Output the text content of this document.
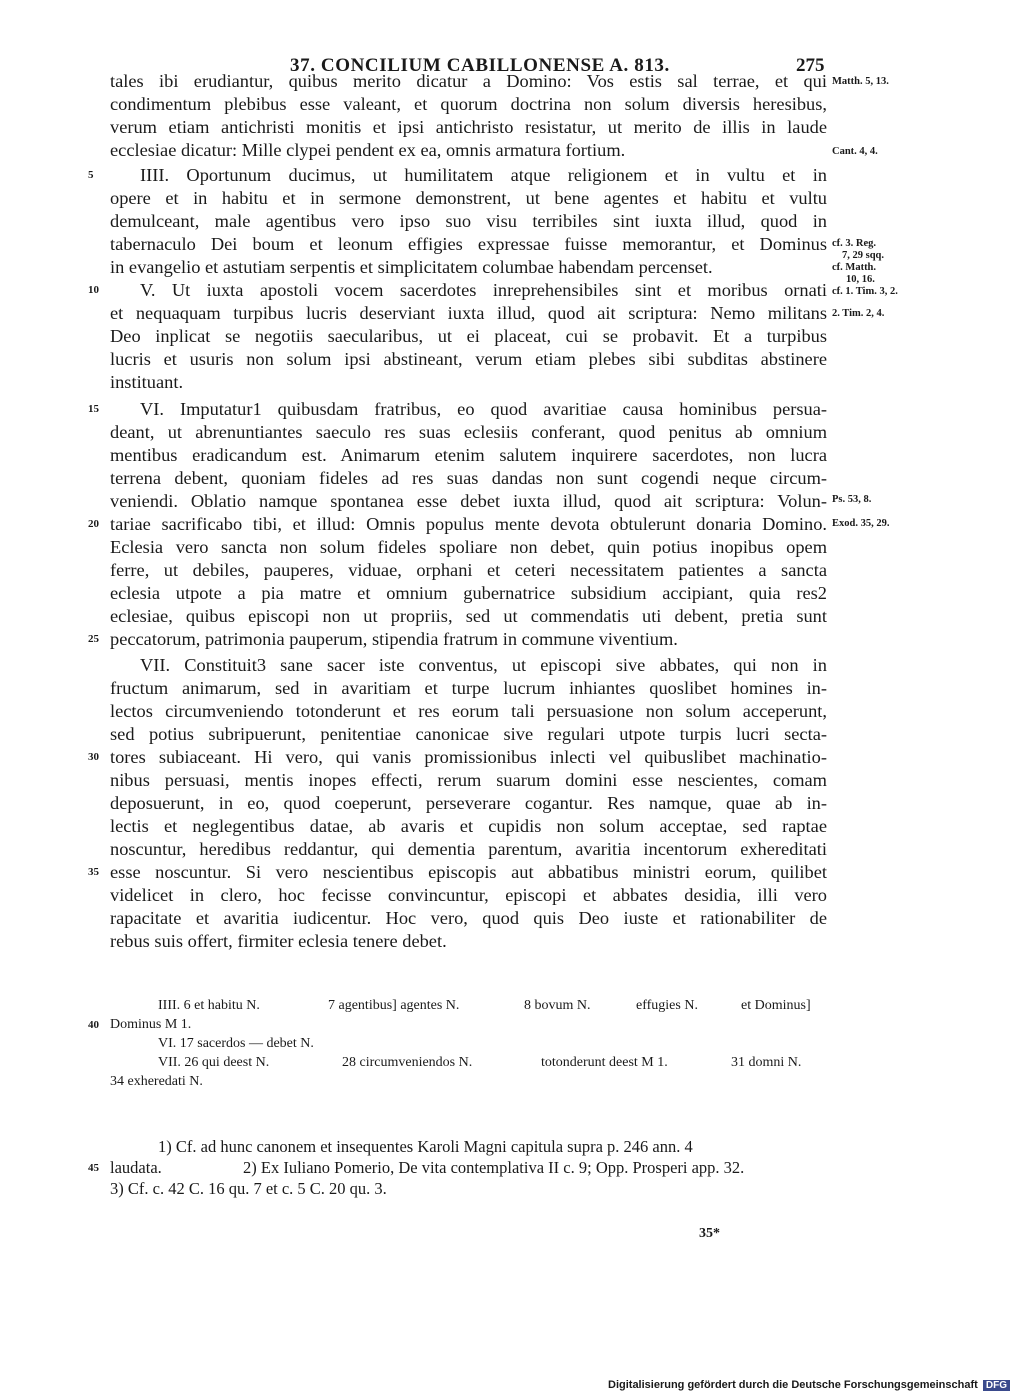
37. CONCILIUM CABILLONENSE A. 813.	275
tales ibi erudiantur, quibus merito dicatur a Domino: Vos estis sal terrae, et qui
condimentum plebibus esse valeant, et quorum doctrina non solum diversis heresibus,
verum etiam antichristi monitis et ipsi antichristo resistatur, ut merito de illis in laude
ecclesiae dicatur: Mille clypei pendent ex ea, omnis armatura fortium.
IIII. Oportunum ducimus, ut humilitatem atque religionem et in vultu et in
opere et in habitu et in sermone demonstrent, ut bene agentes et habitu et vultu
demulceant, male agentibus vero ipso suo visu terribiles sint iuxta illud, quod in
tabernaculo Dei boum et leonum effigies expressae fuisse memorantur, et Dominus
in evangelio et astutiam serpentis et simplicitatem columbae habendam percenset.
V. Ut iuxta apostoli vocem sacerdotes inreprehensibiles sint et moribus ornati
et nequaquam turpibus lucris deserviant iuxta illud, quod ait scriptura: Nemo militans
Deo inplicat se negotiis saecularibus, ut ei placeat, cui se probavit. Et a turpibus
lucris et usuris non solum ipsi abstineant, verum etiam plebes sibi subditas abstinere
instituant.
VI. Imputatur1 quibusdam fratribus, eo quod avaritiae causa hominibus persua-
deant, ut abrenuntiantes saeculo res suas eclesiis conferant, quod penitus ab omnium
mentibus eradicandum est. Animarum etenim salutem inquirere sacerdotes, non lucra
terrena debent, quoniam fideles ad res suas dandas non sunt cogendi neque circum-
veniendi. Oblatio namque spontanea esse debet iuxta illud, quod ait scriptura: Volun-
tariae sacrificabo tibi, et illud: Omnis populus mente devota obtulerunt donaria Domino.
Eclesia vero sancta non solum fideles spoliare non debet, quin potius inopibus opem
ferre, ut debiles, pauperes, viduae, orphani et ceteri necessitatem patientes a sancta
eclesia utpote a pia matre et omnium gubernatrice subsidium accipiant, quia res2
eclesiae, quibus episcopi non ut propriis, sed ut commendatis uti debent, pretia sunt
peccatorum, patrimonia pauperum, stipendia fratrum in commune viventium.
VII. Constituit3 sane sacer iste conventus, ut episcopi sive abbates, qui non in
fructum animarum, sed in avaritiam et turpe lucrum inhiantes quoslibet homines in-
lectos circumveniendo totonderunt et res eorum tali persuasione non solum acceperunt,
sed potius subripuerunt, penitentiae canonicae sive regulari utpote turpis lucri secta-
tores subiaceant. Hi vero, qui vanis promissionibus inlecti vel quibuslibet machinatio-
nibus persuasi, mentis inopes effecti, rerum suarum domini esse nescientes, comam
deposuerunt, in eo, quod coeperunt, perseverare cogantur. Res namque, quae ab in-
lectis et neglegentibus datae, ab avaris et cupidis non solum acceptae, sed raptae
noscuntur, heredibus reddantur, qui dementia parentum, avaritia incentorum exhereditati
esse noscuntur. Si vero nescientibus episcopis aut abbatibus ministri eorum, quilibet
videlicet in clero, hoc fecisse convincuntur, episcopi et abbates desidia, illi vero
rapacitate et avaritia iudicentur. Hoc vero, quod quis Deo iuste et rationabiliter de
rebus suis offert, firmiter eclesia tenere debet.
5
10
15
20
25
30
35
40
45
Matth. 5, 13.
Cant. 4, 4.
cf. 3. Reg.
7, 29 sqq.
cf. Matth.
10, 16.
cf. 1. Tim. 3, 2.
2. Tim. 2, 4.
Ps. 53, 8.
Exod. 35, 29.
IIII. 6 et habitu N.	7 agentibus] agentes N.	8 bovum N.	effugies N.	et Dominus]
Dominus M 1.
VI. 17 sacerdos — debet N.
VII. 26 qui deest N.	28 circumveniendos N.	totonderunt deest M 1.	31 domni N.
34 exheredati N.
1) Cf. ad hunc canonem et insequentes Karoli Magni capitula supra p. 246 ann. 4
laudata.	2) Ex Iuliano Pomerio, De vita contemplativa II c. 9; Opp. Prosperi app. 32.
3) Cf. c. 42 C. 16 qu. 7 et c. 5 C. 20 qu. 3.
35*
Digitalisierung gefördert durch die Deutsche Forschungsgemeinschaft DFG
